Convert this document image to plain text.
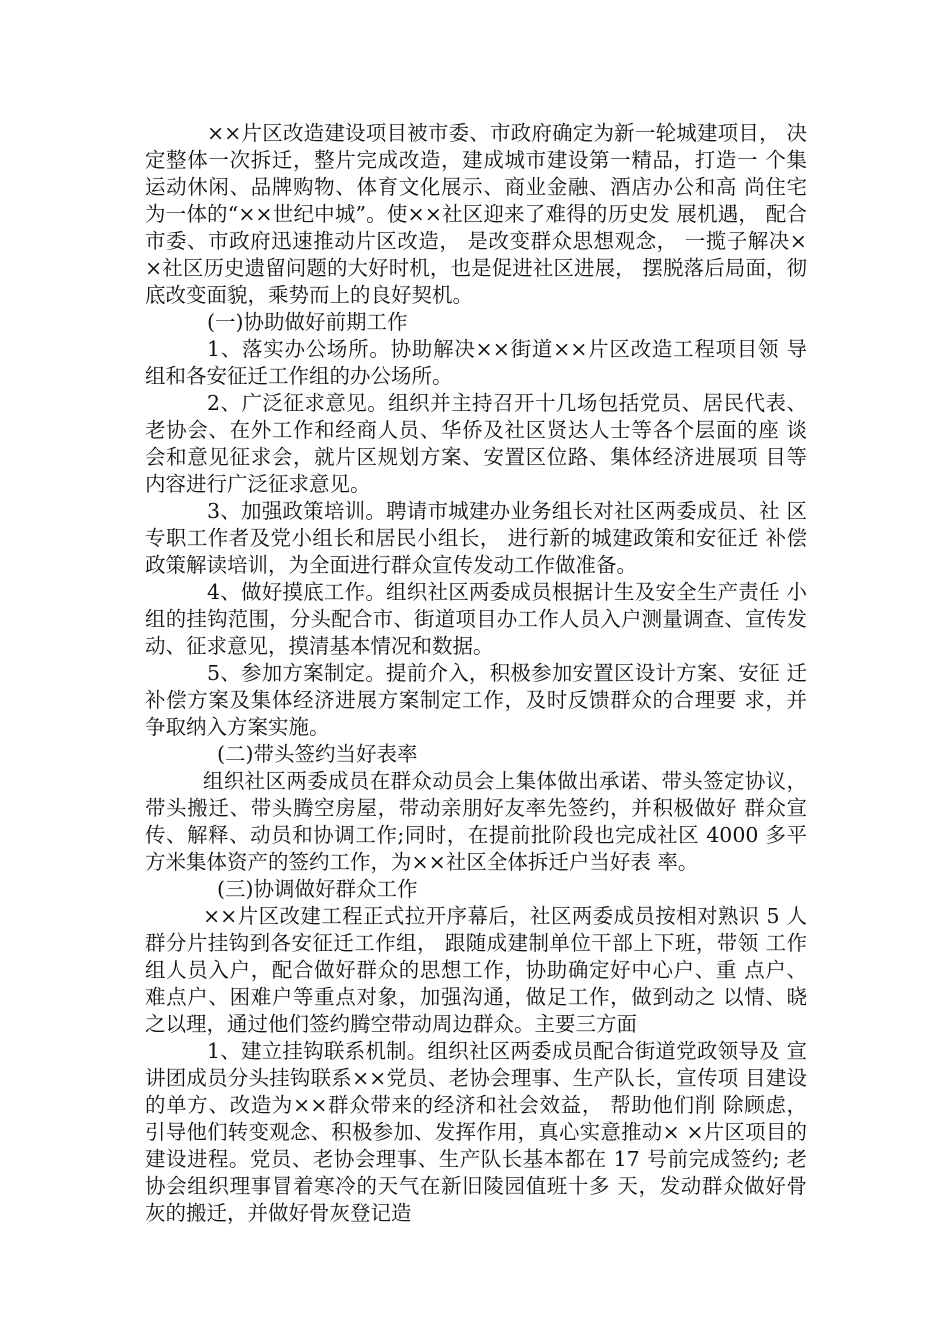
××片区改造建设项目被市委、市政府确定为新一轮城建项目， 决定整体一次拆迁，整片完成改造，建成城市建设第一精品，打造一 个集运动休闲、品牌购物、体育文化展示、商业金融、酒店办公和高 尚住宅为一体的“××世纪中城”。使××社区迎来了难得的历史发 展机遇， 配合市委、市政府迅速推动片区改造， 是改变群众思想观念， 一揽子解决××社区历史遗留问题的大好时机，也是促进社区进展， 摆脱落后局面，彻底改变面貌，乘势而上的良好契机。

(一)协助做好前期工作

1、落实办公场所。协助解决××街道××片区改造工程项目领 导组和各安征迁工作组的办公场所。

2、广泛征求意见。组织并主持召开十几场包括党员、居民代表、老协会、在外工作和经商人员、华侨及社区贤达人士等各个层面的座 谈会和意见征求会，就片区规划方案、安置区位路、集体经济进展项 目等内容进行广泛征求意见。

3、加强政策培训。聘请市城建办业务组长对社区两委成员、社 区专职工作者及党小组长和居民小组长， 进行新的城建政策和安征迁 补偿政策解读培训，为全面进行群众宣传发动工作做准备。

4、做好摸底工作。组织社区两委成员根据计生及安全生产责任 小组的挂钩范围，分头配合市、街道项目办工作人员入户测量调查、宣传发动、征求意见，摸清基本情况和数据。

5、参加方案制定。提前介入，积极参加安置区设计方案、安征 迁补偿方案及集体经济进展方案制定工作，及时反馈群众的合理要 求，并争取纳入方案实施。

(二)带头签约当好表率

组织社区两委成员在群众动员会上集体做出承诺、带头签定协议，带头搬迁、带头腾空房屋，带动亲朋好友率先签约，并积极做好 群众宣传、解释、动员和协调工作;同时，在提前批阶段也完成社区 4000 多平方米集体资产的签约工作，为××社区全体拆迁户当好表 率。

(三)协调做好群众工作

××片区改建工程正式拉开序幕后，社区两委成员按相对熟识 5 人群分片挂钩到各安征迁工作组， 跟随成建制单位干部上下班，带领 工作组人员入户，配合做好群众的思想工作，协助确定好中心户、重 点户、难点户、困难户等重点对象，加强沟通，做足工作，做到动之 以情、晓之以理，通过他们签约腾空带动周边群众。主要三方面

1、建立挂钩联系机制。组织社区两委成员配合街道党政领导及 宣讲团成员分头挂钩联系××党员、老协会理事、生产队长，宣传项 目建设的单方、改造为××群众带来的经济和社会效益， 帮助他们削 除顾虑，引导他们转变观念、积极参加、发挥作用，真心实意推动× ×片区项目的建设进程。党员、老协会理事、生产队长基本都在 17 号前完成签约; 老协会组织理事冒着寒冷的天气在新旧陵园值班十多 天，发动群众做好骨灰的搬迁，并做好骨灰登记造
